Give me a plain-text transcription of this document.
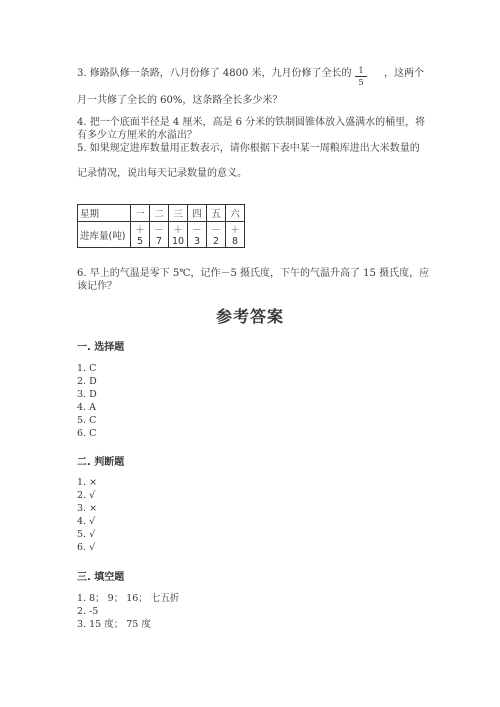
3. 修路队修一条路，八月份修了 4800 米，九月份修了全长的 1
5
，这两个
月一共修了全长的 60%，这条路全长多少米？
4. 把一个底面半径是 4 厘米，高是 6 分米的铁制圆锥体放入盛满水的桶里，将
有多少立方厘米的水溢出？
5. 如果规定进库数量用正数表示，请你根据下表中某一周粮库进出大米数量的
记录情况，说出每天记录数量的意义。
星期	一	二	三	四	五	六
进库量(吨)	＋5	－7	＋10	－3	－2	＋8
6. 早上的气温是零下 5℃，记作－5 摄氏度，下午的气温升高了 15 摄氏度，应
该记作？
参考答案
一. 选择题
1. C
2. D
3. D
4. A
5. C
6. C
二. 判断题
1. ×
2. √
3. ×
4. √
5. √
6. √
三. 填空题
1. 8； 9； 16； 七五折
2. -5
3. 15 度； 75 度
